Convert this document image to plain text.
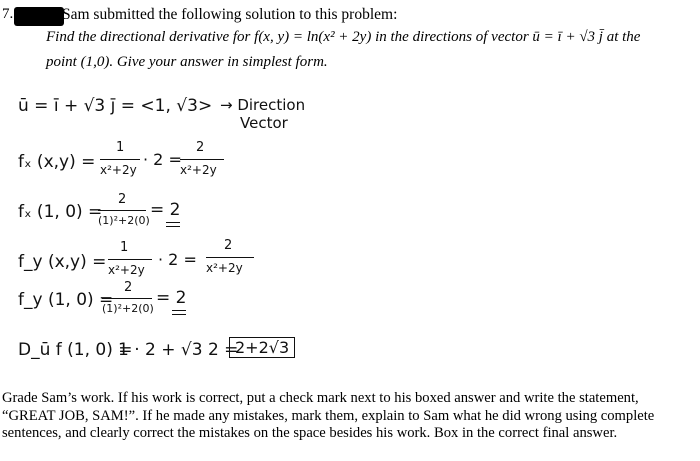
7.	Sam submitted the following solution to this problem:
Find the directional derivative for f(x, y) = ln(x² + 2y) in the directions of vector ū = ī + √3 j̄ at the
point (1,0). Give your answer in simplest form.
ū = ī + √3 j̄ = <1, √3> → Direction
Vector
fₓ (x,y) =
1
x²+2y
· 2 =
2
x²+2y
fₓ (1, 0) =
2
(1)²+2(0)
= 2
f_y (x,y) =
1
x²+2y
· 2 =
2
x²+2y
f_y (1, 0) =
2
(1)²+2(0)
= 2
D_ū f (1, 0) =
1 · 2 + √3 2 =
2+2√3
Grade Sam’s work. If his work is correct, put a check mark next to his boxed answer and write the statement, “GREAT JOB, SAM!”. If he made any mistakes, mark them, explain to Sam what he did wrong using complete sentences, and clearly correct the mistakes on the space besides his work. Box in the correct final answer.
